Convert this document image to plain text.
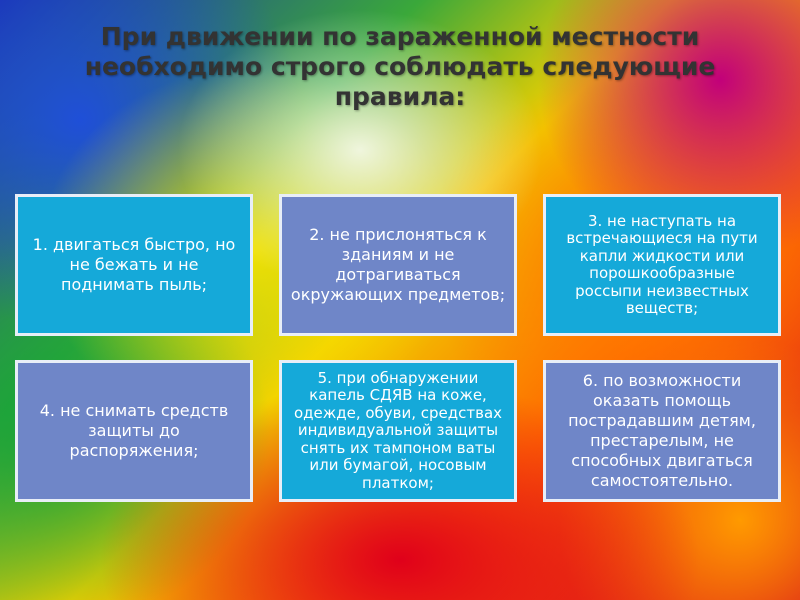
При движении по зараженной местности необходимо строго соблюдать следующие правила:
1. двигаться быстро, но не бежать и не поднимать пыль;
2. не прислоняться к зданиям и не дотрагиваться окружающих предметов;
3. не наступать на встречающиеся на пути капли жидкости или порошкообразные россыпи неизвестных веществ;
4. не снимать средств защиты до распоряжения;
5. при обнаружении капель СДЯВ на коже, одежде, обуви, средствах индивидуальной защиты снять их тампоном ваты или бумагой, носовым платком;
6. по возможности оказать помощь пострадавшим детям, престарелым, не способных двигаться самостоятельно.
